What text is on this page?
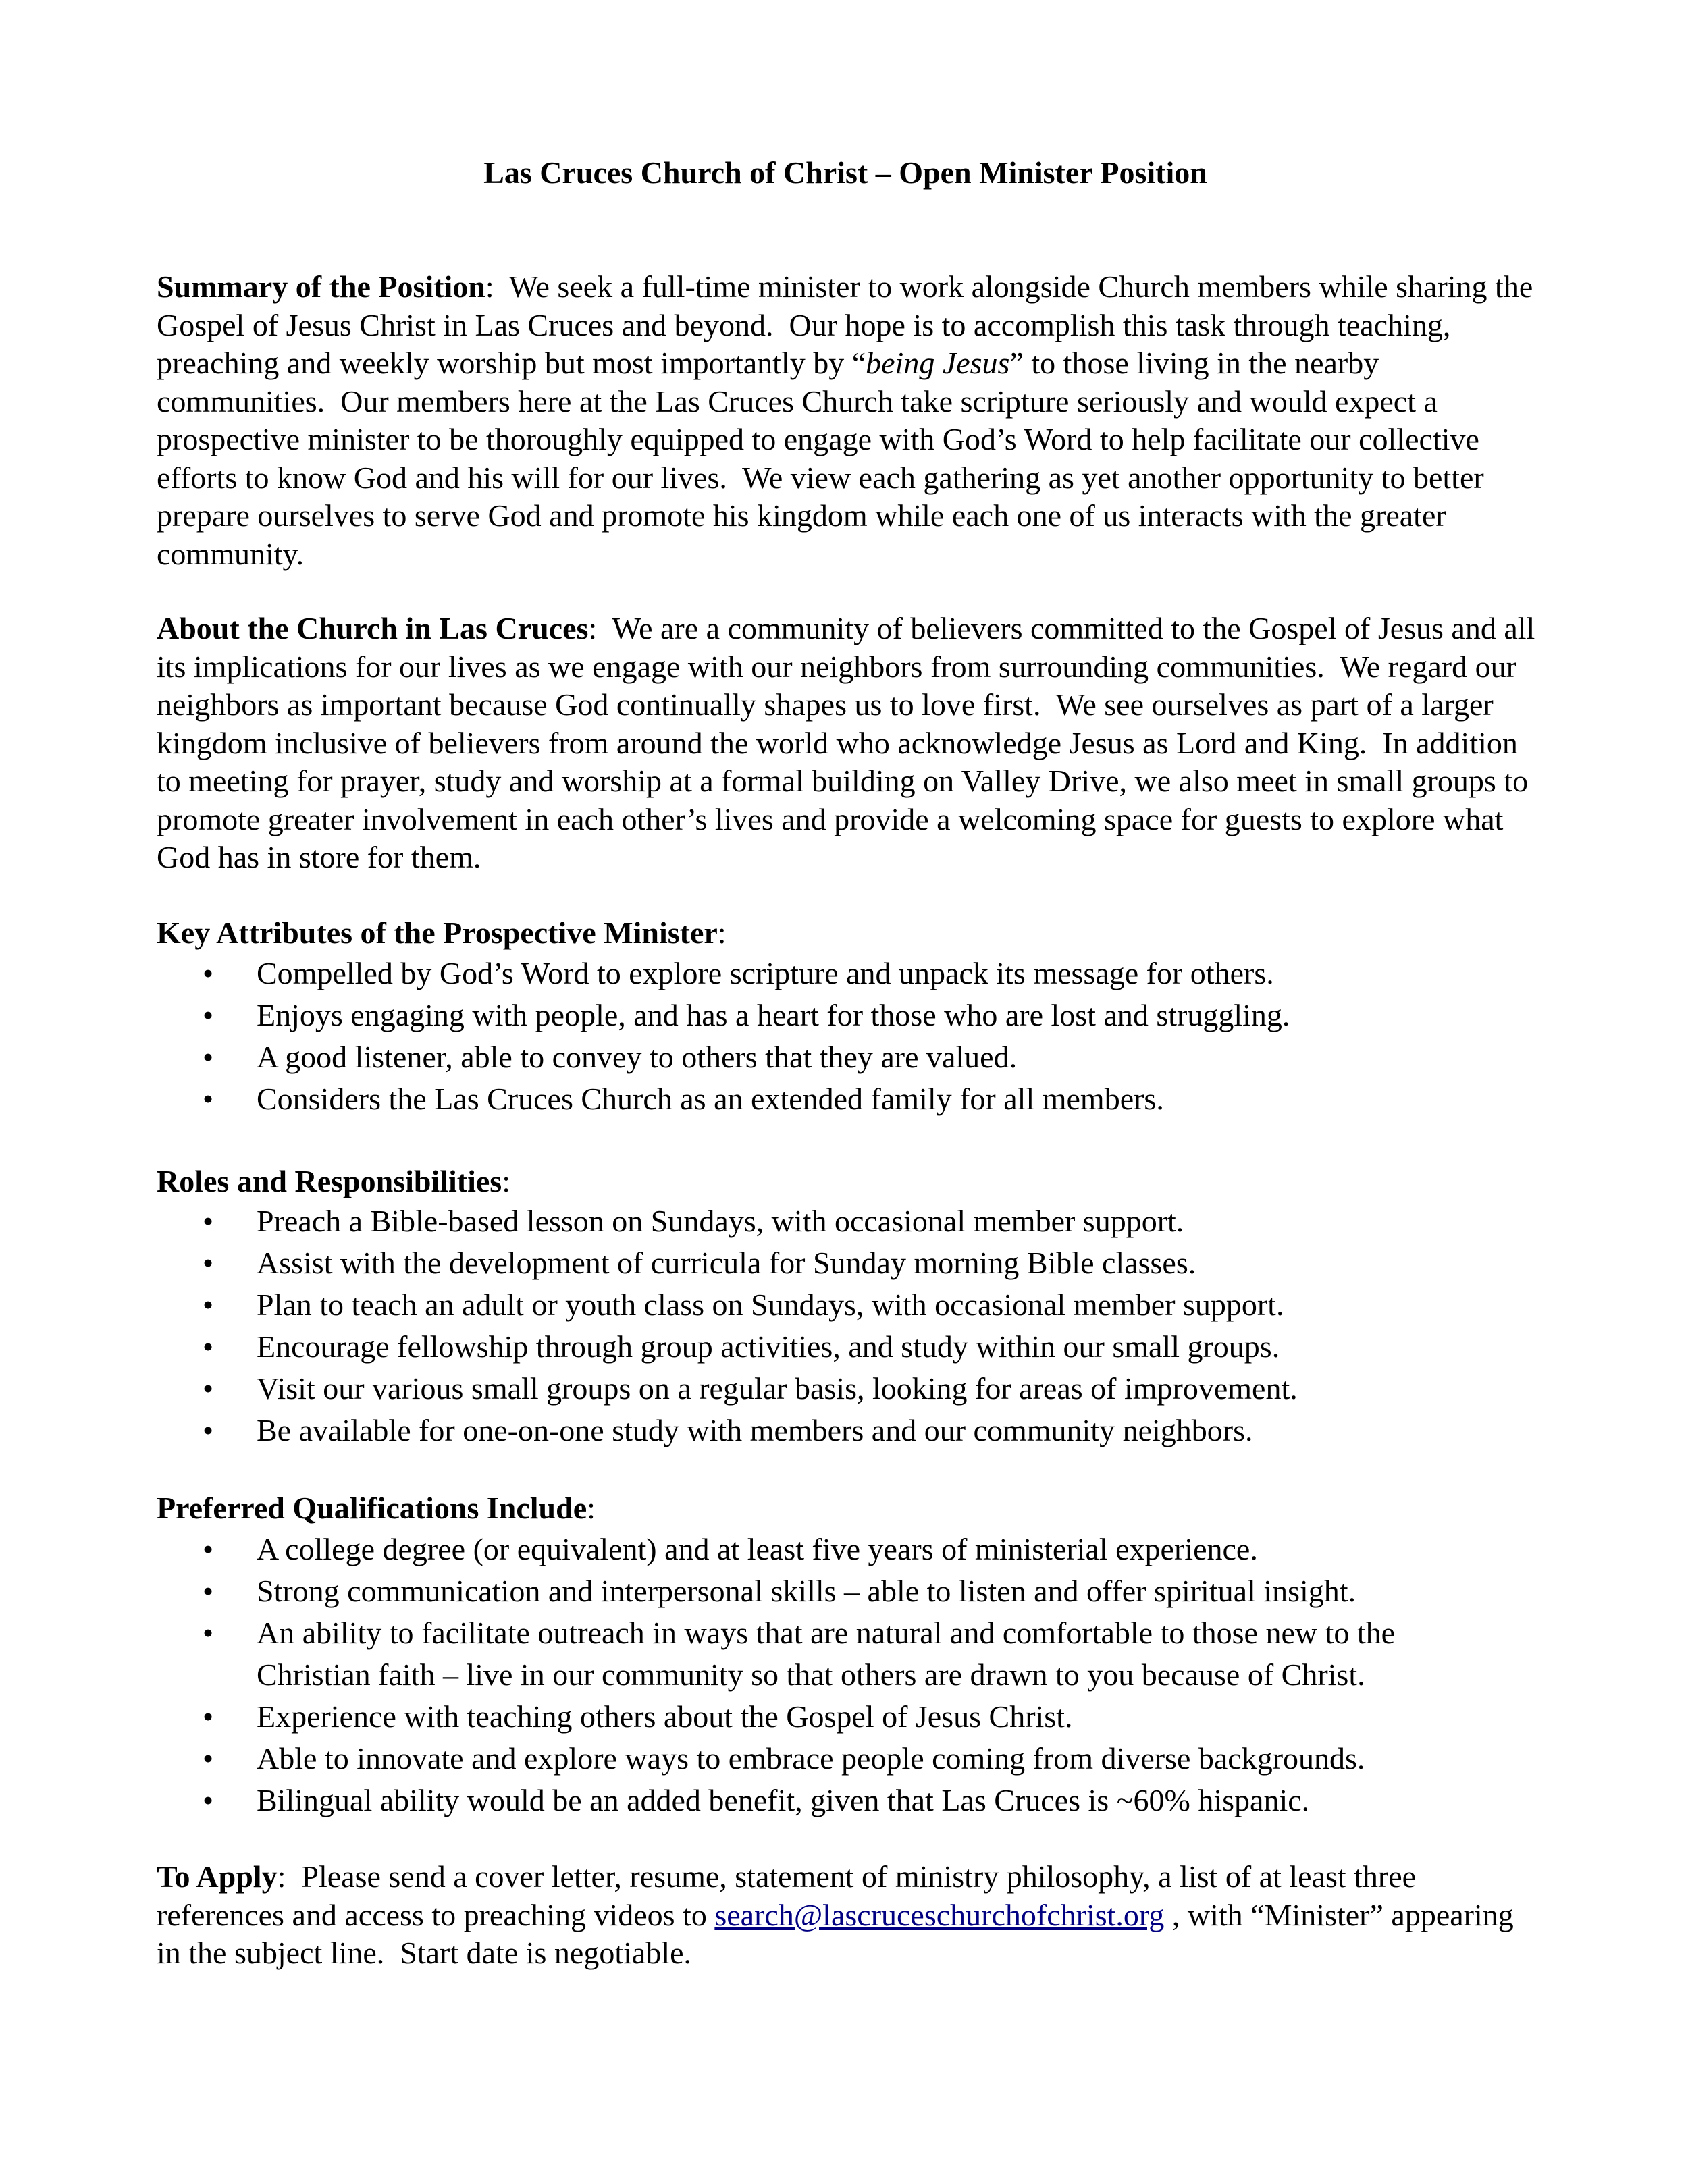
Las Cruces Church of Christ – Open Minister Position

Summary of the Position:  We seek a full-time minister to work alongside Church members while sharing the Gospel of Jesus Christ in Las Cruces and beyond.  Our hope is to accomplish this task through teaching, preaching and weekly worship but most importantly by “being Jesus” to those living in the nearby communities.  Our members here at the Las Cruces Church take scripture seriously and would expect a prospective minister to be thoroughly equipped to engage with God’s Word to help facilitate our collective efforts to know God and his will for our lives.  We view each gathering as yet another opportunity to better prepare ourselves to serve God and promote his kingdom while each one of us interacts with the greater community.

About the Church in Las Cruces:  We are a community of believers committed to the Gospel of Jesus and all its implications for our lives as we engage with our neighbors from surrounding communities.  We regard our neighbors as important because God continually shapes us to love first.  We see ourselves as part of a larger kingdom inclusive of believers from around the world who acknowledge Jesus as Lord and King.  In addition to meeting for prayer, study and worship at a formal building on Valley Drive, we also meet in small groups to promote greater involvement in each other’s lives and provide a welcoming space for guests to explore what God has in store for them.

Key Attributes of the Prospective Minister:
• Compelled by God’s Word to explore scripture and unpack its message for others.
• Enjoys engaging with people, and has a heart for those who are lost and struggling.
• A good listener, able to convey to others that they are valued.
• Considers the Las Cruces Church as an extended family for all members.
Roles and Responsibilities:
• Preach a Bible-based lesson on Sundays, with occasional member support.
• Assist with the development of curricula for Sunday morning Bible classes.
• Plan to teach an adult or youth class on Sundays, with occasional member support.
• Encourage fellowship through group activities, and study within our small groups.
• Visit our various small groups on a regular basis, looking for areas of improvement.
• Be available for one-on-one study with members and our community neighbors.
Preferred Qualifications Include:
• A college degree (or equivalent) and at least five years of ministerial experience.
• Strong communication and interpersonal skills – able to listen and offer spiritual insight.
• An ability to facilitate outreach in ways that are natural and comfortable to those new to the Christian faith – live in our community so that others are drawn to you because of Christ.
• Experience with teaching others about the Gospel of Jesus Christ.
• Able to innovate and explore ways to embrace people coming from diverse backgrounds.
• Bilingual ability would be an added benefit, given that Las Cruces is ~60% hispanic.

To Apply:  Please send a cover letter, resume, statement of ministry philosophy, a list of at least three references and access to preaching videos to search@lascruceschurchofchrist.org , with “Minister” appearing in the subject line.  Start date is negotiable.
